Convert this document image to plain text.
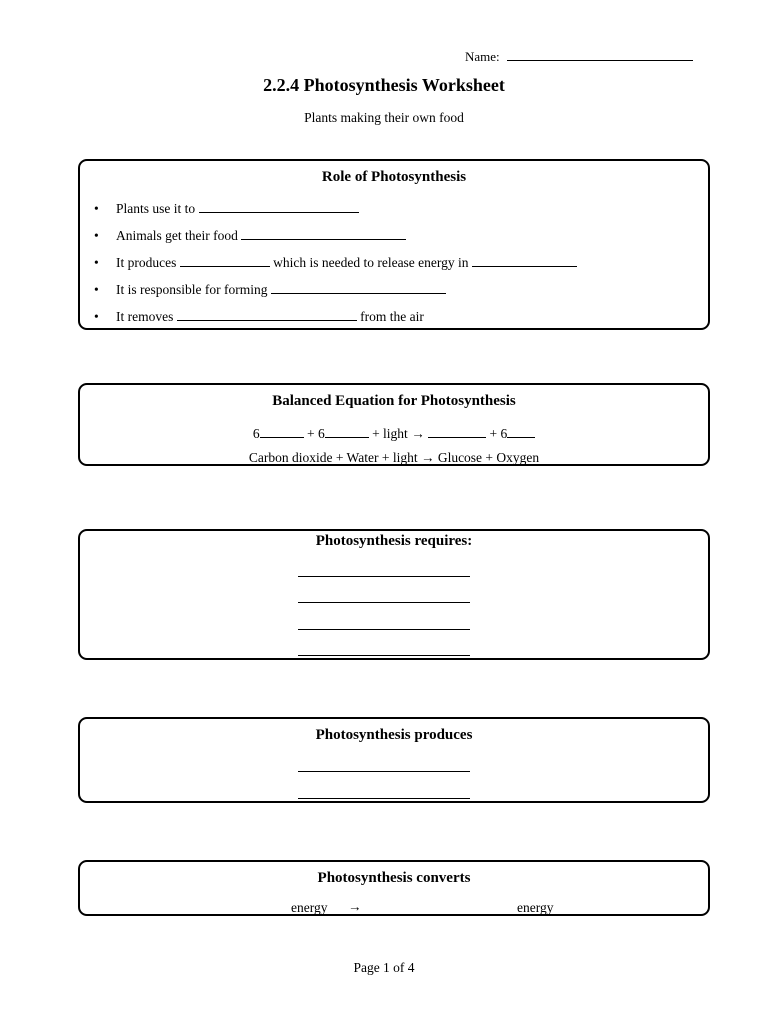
Name:
2.2.4 Photosynthesis Worksheet
Plants making their own food
Role of Photosynthesis
• Plants use it to
• Animals get their food
• It produces	which is needed to release energy in
• It is responsible for forming
• It removes	from the air
Balanced Equation for Photosynthesis
6	+ 6	+ light →	+ 6
Carbon dioxide + Water + light → Glucose + Oxygen
Photosynthesis requires:
Photosynthesis produces
Photosynthesis converts
energy →	energy
Page 1 of 4
